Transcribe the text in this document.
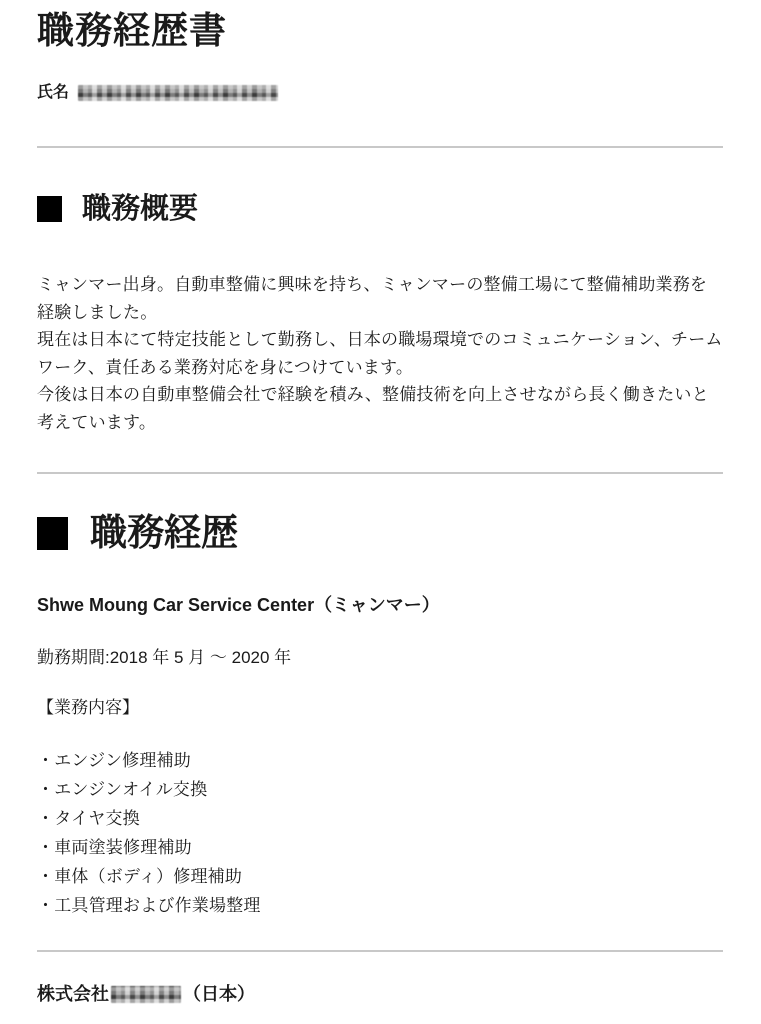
職務経歴書
氏名
職務概要

ミャンマー出身。自動車整備に興味を持ち、ミャンマーの整備工場にて整備補助業務を経験しました。

現在は日本にて特定技能として勤務し、日本の職場環境でのコミュニケーション、チームワーク、責任ある業務対応を身につけています。

今後は日本の自動車整備会社で経験を積み、整備技術を向上させながら長く働きたいと考えています。

職務経歴
Shwe Moung Car Service Center（ミャンマー）
勤務期間:2018 年 5 月 ～ 2020 年
【業務内容】
・エンジン修理補助
・エンジンオイル交換
・タイヤ交換
・車両塗装修理補助
・車体（ボディ）修理補助
・工具管理および作業場整理
株式会社	（日本）
